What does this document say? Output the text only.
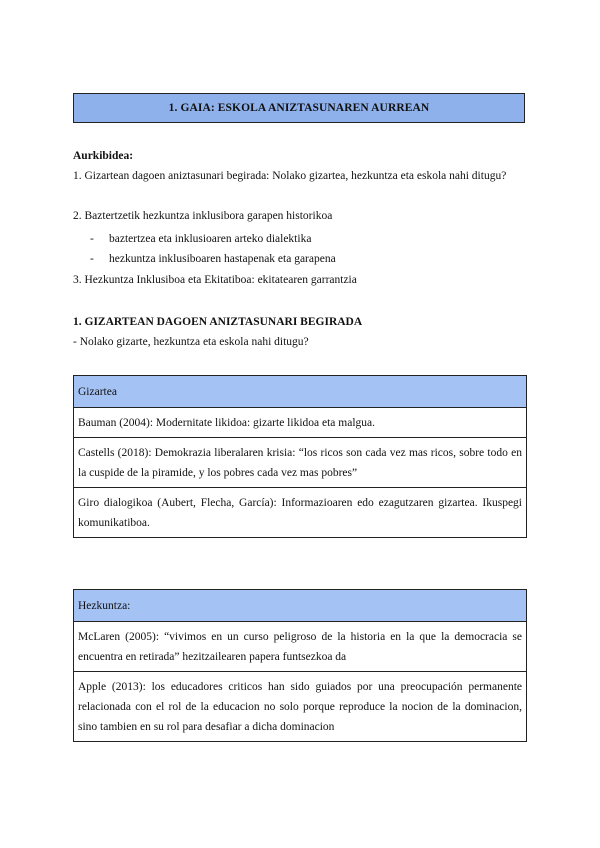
1. GAIA: ESKOLA ANIZTASUNAREN AURREAN
Aurkibidea:
1. Gizartean dagoen aniztasunari begirada: Nolako gizartea, hezkuntza eta eskola nahi ditugu?
2. Baztertzetik hezkuntza inklusibora garapen historikoa
- baztertzea eta inklusioaren arteko dialektika
- hezkuntza inklusiboaren hastapenak eta garapena
3. Hezkuntza Inklusiboa eta Ekitatiboa: ekitatearen garrantzia
1. GIZARTEAN DAGOEN ANIZTASUNARI BEGIRADA
- Nolako gizarte, hezkuntza eta eskola nahi ditugu?
Gizartea
Bauman (2004): Modernitate likidoa: gizarte likidoa eta malgua.
Castells (2018): Demokrazia liberalaren krisia: “los ricos son cada vez mas ricos, sobre todo en la cuspide de la piramide, y los pobres cada vez mas pobres”
Giro dialogikoa (Aubert, Flecha, García): Informazioaren edo ezagutzaren gizartea. Ikuspegi komunikatiboa.
Hezkuntza:
McLaren (2005): “vivimos en un curso peligroso de la historia en la que la democracia se encuentra en retirada” hezitzailearen papera funtsezkoa da
Apple (2013): los educadores criticos han sido guiados por una preocupación permanente relacionada con el rol de la educacion no solo porque reproduce la nocion de la dominacion, sino tambien en su rol para desafiar a dicha dominacion
